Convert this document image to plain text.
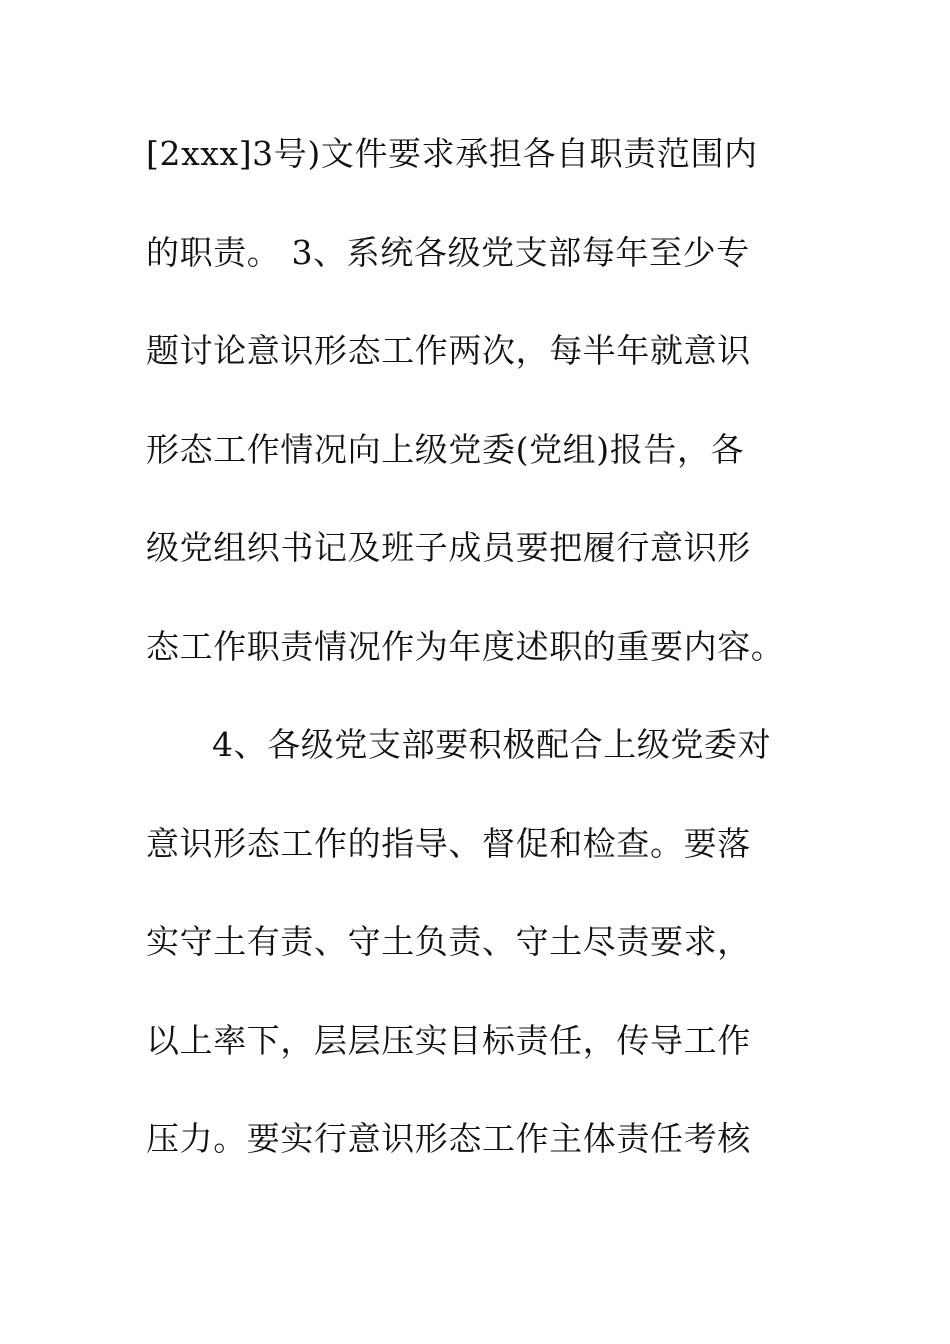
[2xxx]3号)文件要求承担各自职责范围内
的职责。 3、系统各级党支部每年至少专
题讨论意识形态工作两次，每半年就意识
形态工作情况向上级党委(党组)报告，各
级党组织书记及班子成员要把履行意识形
态工作职责情况作为年度述职的重要内容。
4、各级党支部要积极配合上级党委对
意识形态工作的指导、督促和检查。要落
实守土有责、守土负责、守土尽责要求，
以上率下，层层压实目标责任，传导工作
压力。要实行意识形态工作主体责任考核
